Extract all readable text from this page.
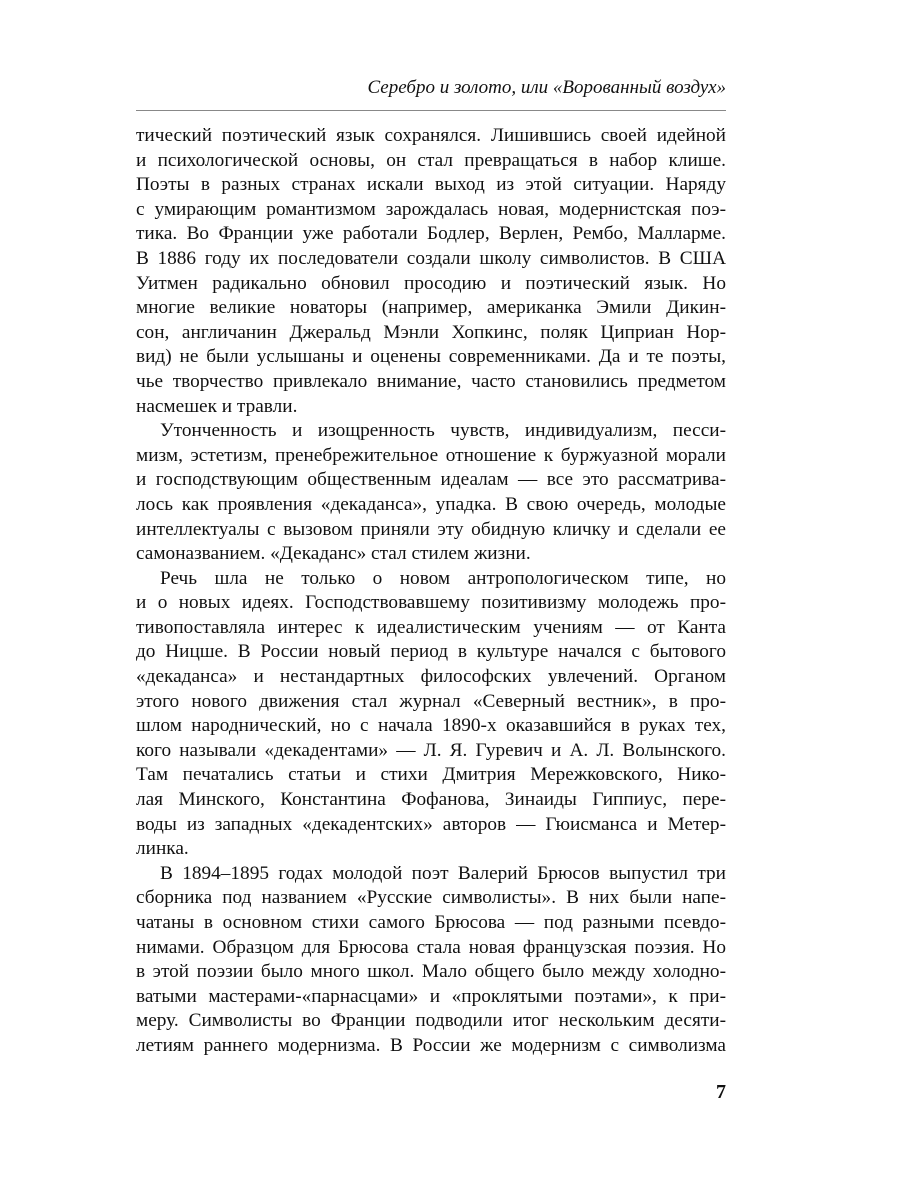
Серебро и золото, или «Ворованный воздух»
тический поэтический язык сохранялся. Лишившись своей идейной
и психологической основы, он стал превращаться в набор клише.
Поэты в разных странах искали выход из этой ситуации. Наряду
с умирающим романтизмом зарождалась новая, модернистская поэ-
тика. Во Франции уже работали Бодлер, Верлен, Рембо, Малларме.
В 1886 году их последователи создали школу символистов. В США
Уитмен радикально обновил просодию и поэтический язык. Но
многие великие новаторы (например, американка Эмили Дикин-
сон, англичанин Джеральд Мэнли Хопкинс, поляк Циприан Нор-
вид) не были услышаны и оценены современниками. Да и те поэты,
чье творчество привлекало внимание, часто становились предметом
насмешек и травли.
Утонченность и изощренность чувств, индивидуализм, песси-
мизм, эстетизм, пренебрежительное отношение к буржуазной морали
и господствующим общественным идеалам — все это рассматрива-
лось как проявления «декаданса», упадка. В свою очередь, молодые
интеллектуалы с вызовом приняли эту обидную кличку и сделали ее
самоназванием. «Декаданс» стал стилем жизни.
Речь шла не только о новом антропологическом типе, но
и о новых идеях. Господствовавшему позитивизму молодежь про-
тивопоставляла интерес к идеалистическим учениям — от Канта
до Ницше. В России новый период в культуре начался с бытового
«декаданса» и нестандартных философских увлечений. Органом
этого нового движения стал журнал «Северный вестник», в про-
шлом народнический, но с начала 1890-х оказавшийся в руках тех,
кого называли «декадентами» — Л. Я. Гуревич и А. Л. Волынского.
Там печатались статьи и стихи Дмитрия Мережковского, Нико-
лая Минского, Константина Фофанова, Зинаиды Гиппиус, пере-
воды из западных «декадентских» авторов — Гюисманса и Метер-
линка.
В 1894–1895 годах молодой поэт Валерий Брюсов выпустил три
сборника под названием «Русские символисты». В них были напе-
чатаны в основном стихи самого Брюсова — под разными псевдо-
нимами. Образцом для Брюсова стала новая французская поэзия. Но
в этой поэзии было много школ. Мало общего было между холодно-
ватыми мастерами-«парнасцами» и «проклятыми поэтами», к при-
меру. Символисты во Франции подводили итог нескольким десяти-
летиям раннего модернизма. В России же модернизм с символизма
7
